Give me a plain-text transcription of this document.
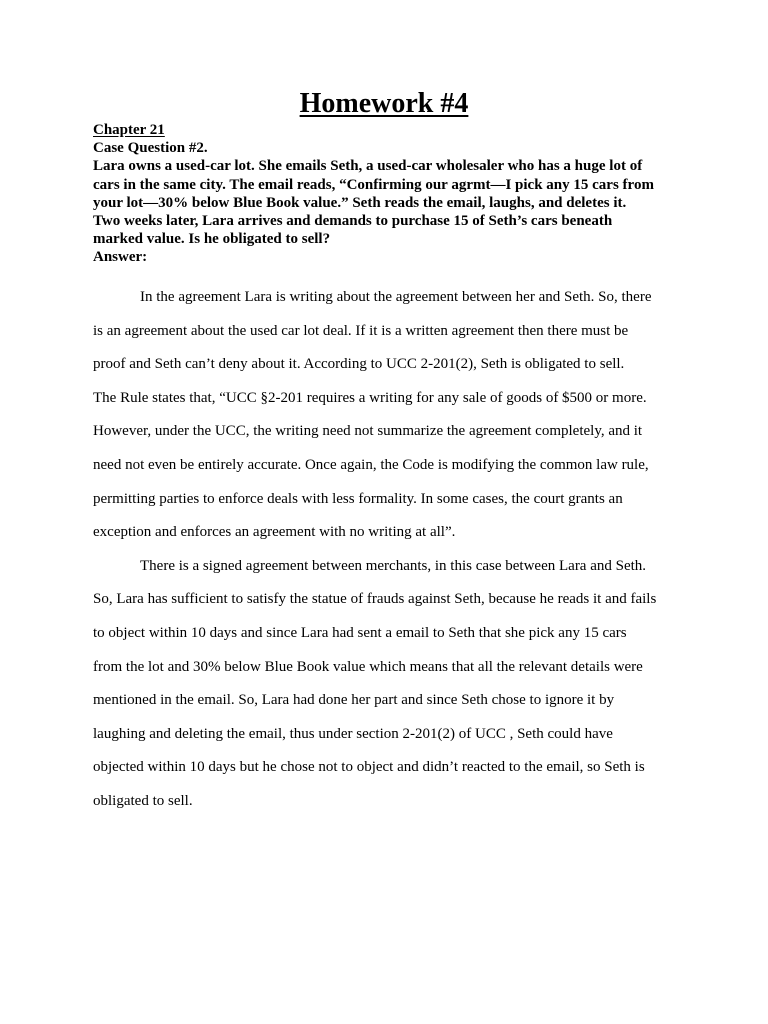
Homework #4
Chapter 21
Case Question #2.
Lara owns a used-car lot. She emails Seth, a used-car wholesaler who has a huge lot of
cars in the same city. The email reads, “Confirming our agrmt—I pick any 15 cars from
your lot—30% below Blue Book value.” Seth reads the email, laughs, and deletes it.
Two weeks later, Lara arrives and demands to purchase 15 of Seth’s cars beneath
marked value. Is he obligated to sell?
Answer:
In the agreement Lara is writing about the agreement between her and Seth. So, there
is an agreement about the used car lot deal. If it is a written agreement then there must be
proof and Seth can’t deny about it. According to UCC 2-201(2), Seth is obligated to sell.
The Rule states that, “UCC §2-201 requires a writing for any sale of goods of $500 or more.
However, under the UCC, the writing need not summarize the agreement completely, and it
need not even be entirely accurate. Once again, the Code is modifying the common law rule,
permitting parties to enforce deals with less formality. In some cases, the court grants an
exception and enforces an agreement with no writing at all”.
There is a signed agreement between merchants, in this case between Lara and Seth.
So, Lara has sufficient to satisfy the statue of frauds against Seth, because he reads it and fails
to object within 10 days and since Lara had sent a email to Seth that she pick any 15 cars
from the lot and 30% below Blue Book value which means that all the relevant details were
mentioned in the email. So, Lara had done her part and since Seth chose to ignore it by
laughing and deleting the email, thus under section 2-201(2) of UCC , Seth could have
objected within 10 days but he chose not to object and didn’t reacted to the email, so Seth is
obligated to sell.
